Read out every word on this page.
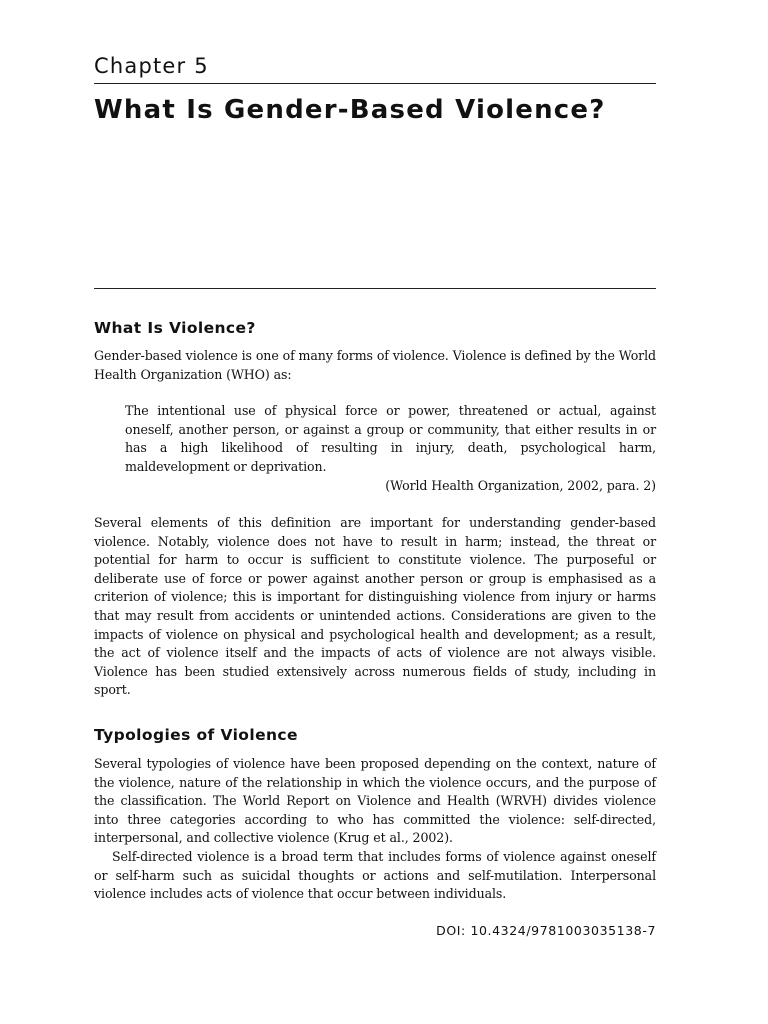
Chapter 5
What Is Gender-Based Violence?
What Is Violence?

Gender-based violence is one of many forms of violence. Violence is defined by the World Health Organization (WHO) as:

The intentional use of physical force or power, threatened or actual, against oneself, another person, or against a group or community, that either results in or has a high likelihood of resulting in injury, death, psychological harm, maldevelopment or deprivation.

(World Health Organization, 2002, para. 2)

Several elements of this definition are important for understanding gender-based violence. Notably, violence does not have to result in harm; instead, the threat or potential for harm to occur is sufficient to constitute violence. The purposeful or deliberate use of force or power against another person or group is emphasised as a criterion of violence; this is important for distinguishing violence from injury or harms that may result from accidents or unintended actions. Considerations are given to the impacts of violence on physical and psychological health and development; as a result, the act of violence itself and the impacts of acts of violence are not always visible. Violence has been studied extensively across numerous fields of study, including in sport.

Typologies of Violence

Several typologies of violence have been proposed depending on the context, nature of the violence, nature of the relationship in which the violence occurs, and the purpose of the classification. The World Report on Violence and Health (WRVH) divides violence into three categories according to who has committed the violence: self-directed, interpersonal, and collective violence (Krug et al., 2002).

Self-directed violence is a broad term that includes forms of violence against oneself or self-harm such as suicidal thoughts or actions and self-mutilation. Interpersonal violence includes acts of violence that occur between individuals.

DOI: 10.4324/9781003035138-7
